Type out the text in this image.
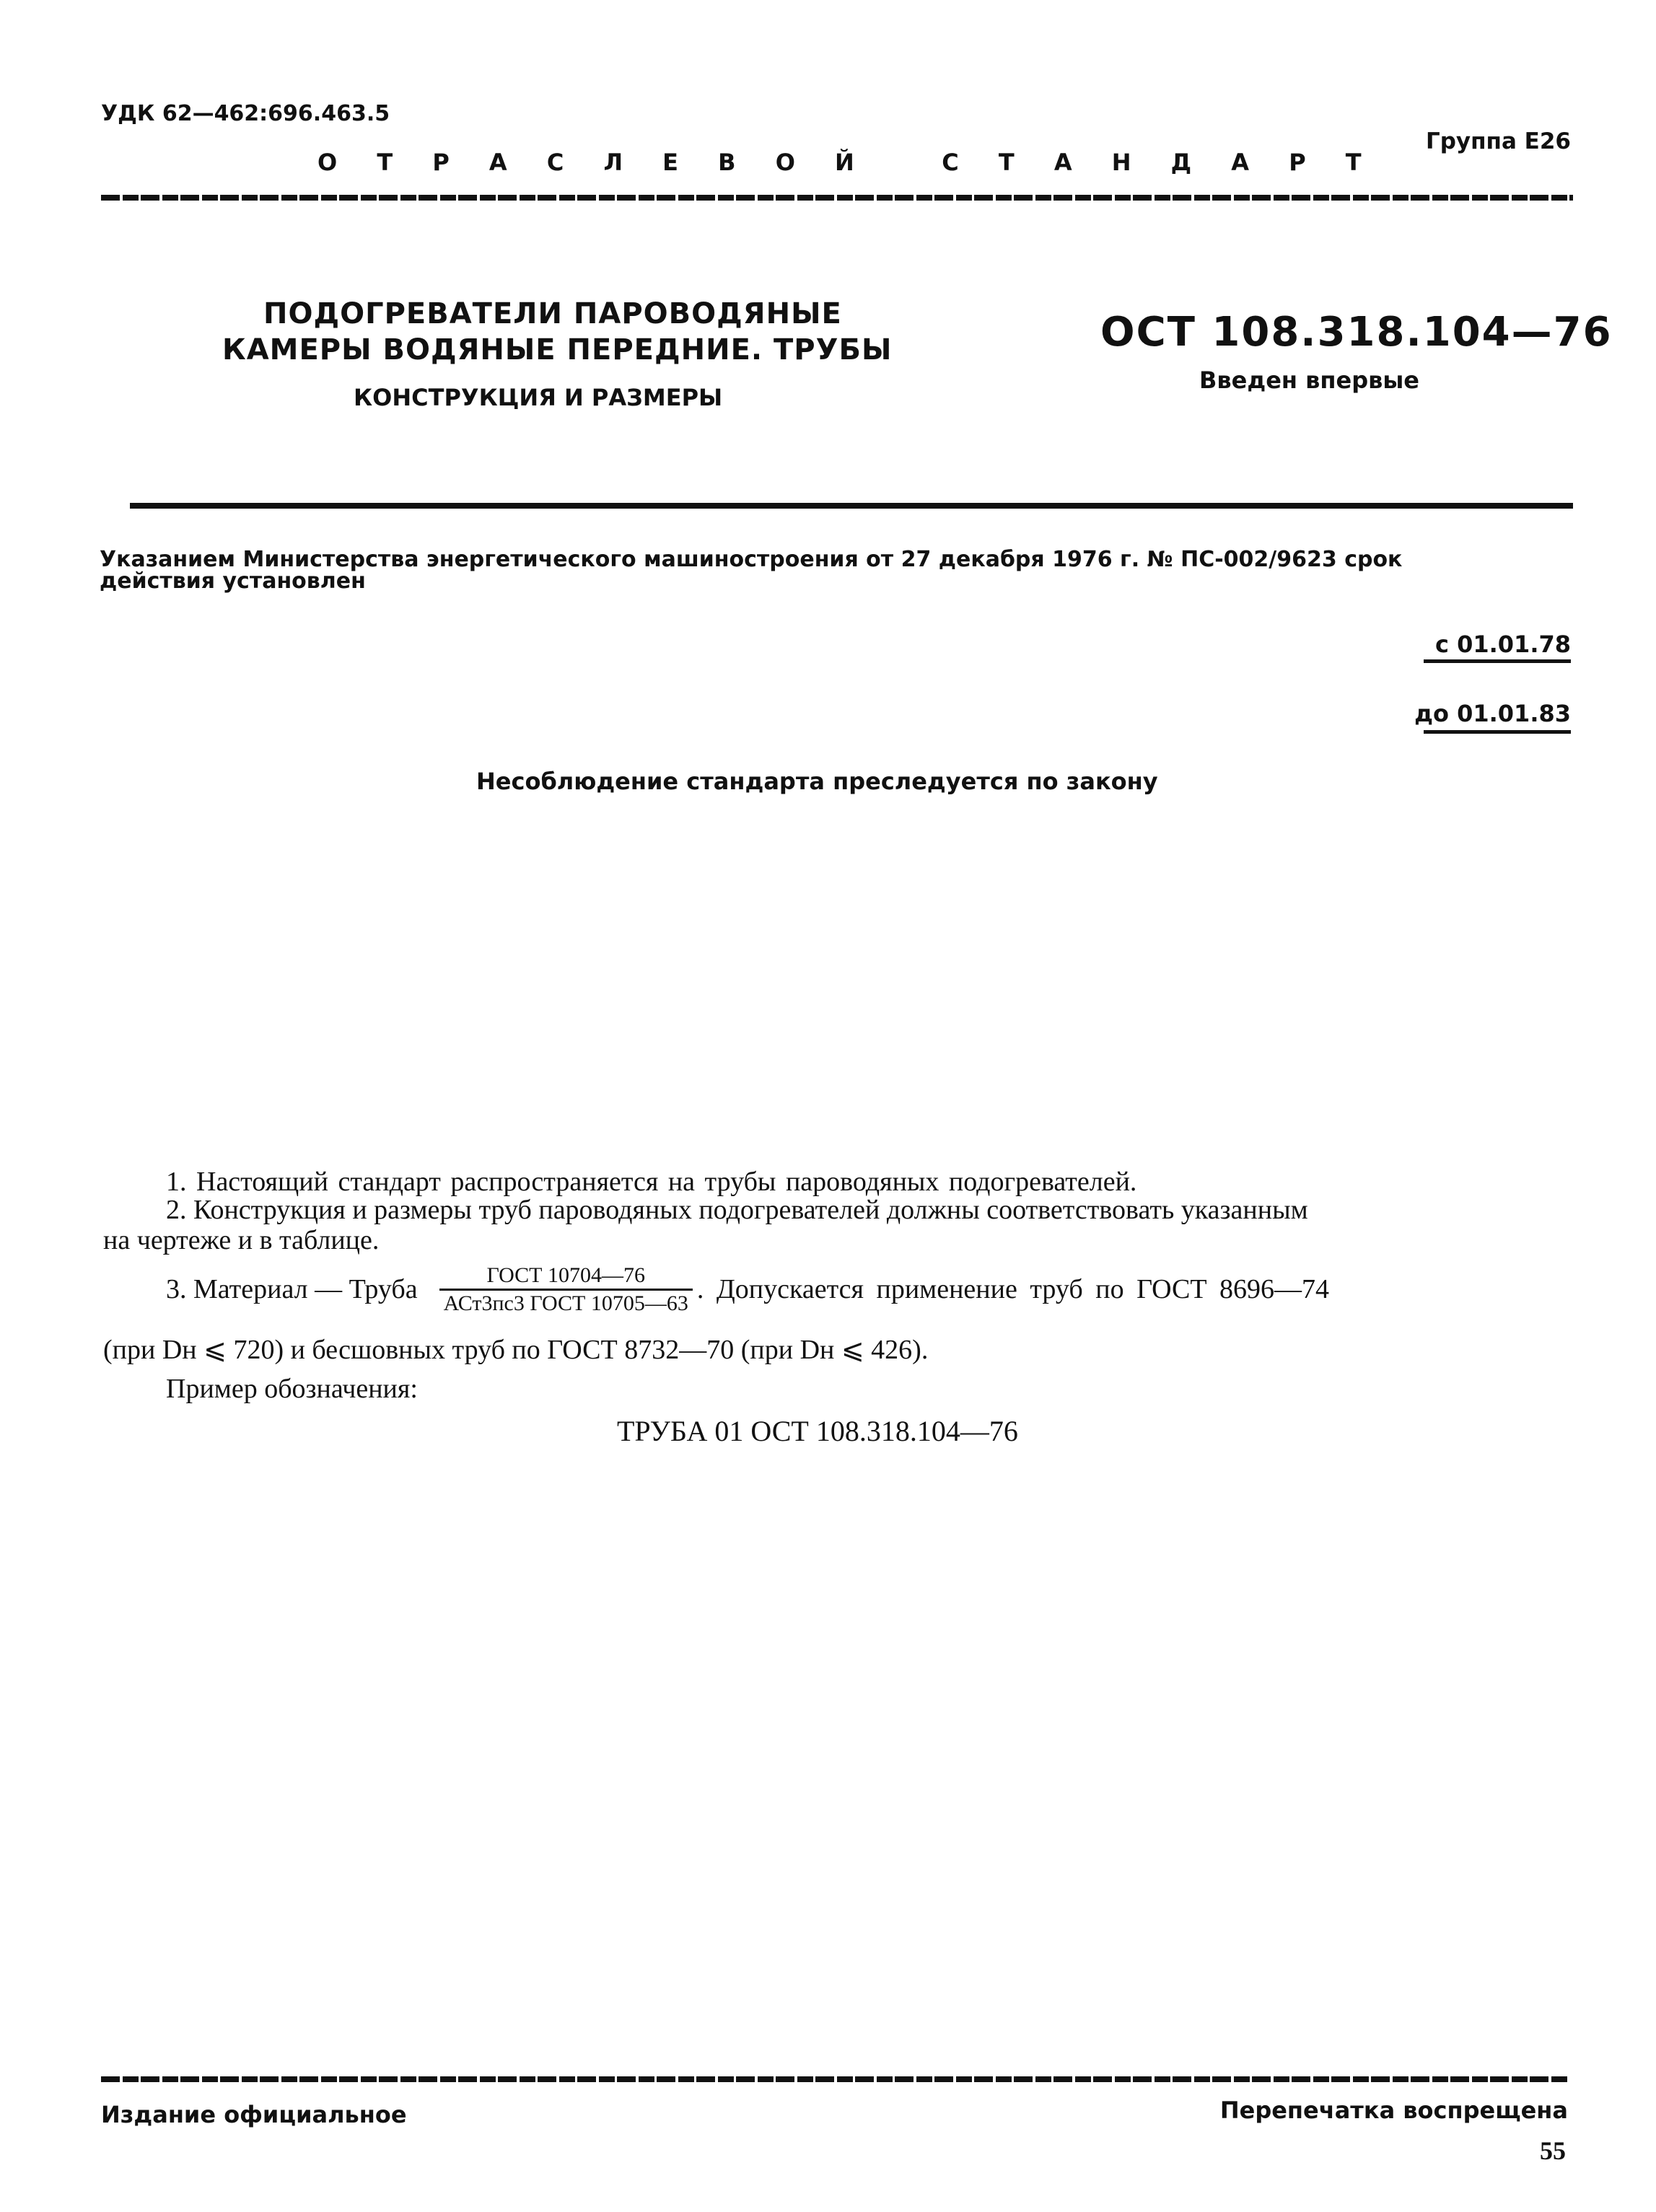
УДК 62—462:696.463.5
Группа Е26
О Т Р А С Л Е В О Й   С Т А Н Д А Р Т
ПОДОГРЕВАТЕЛИ ПАРОВОДЯНЫЕ
КАМЕРЫ ВОДЯНЫЕ ПЕРЕДНИЕ. ТРУБЫ
КОНСТРУКЦИЯ И РАЗМЕРЫ
ОСТ 108.318.104—76
Введен впервые
Указанием Министерства энергетического машиностроения от 27 декабря 1976 г. № ПС-002/9623 срок
действия установлен
с 01.01.78
до 01.01.83
Несоблюдение стандарта преследуется по закону
1. Настоящий стандарт распространяется на трубы пароводяных подогревателей.
2. Конструкция и размеры труб пароводяных подогревателей должны соответствовать указанным
на чертеже и в таблице.
3. Материал — Труба	ГОСТ 10704—76
АСт3пс3 ГОСТ 10705—63 . Допускается применение труб по ГОСТ 8696—74
(при Dн ⩽ 720) и бесшовных труб по ГОСТ 8732—70 (при Dн ⩽ 426).
Пример обозначения:
ТРУБА 01 ОСТ 108.318.104—76
Издание официальное	Перепечатка воспрещена
55
